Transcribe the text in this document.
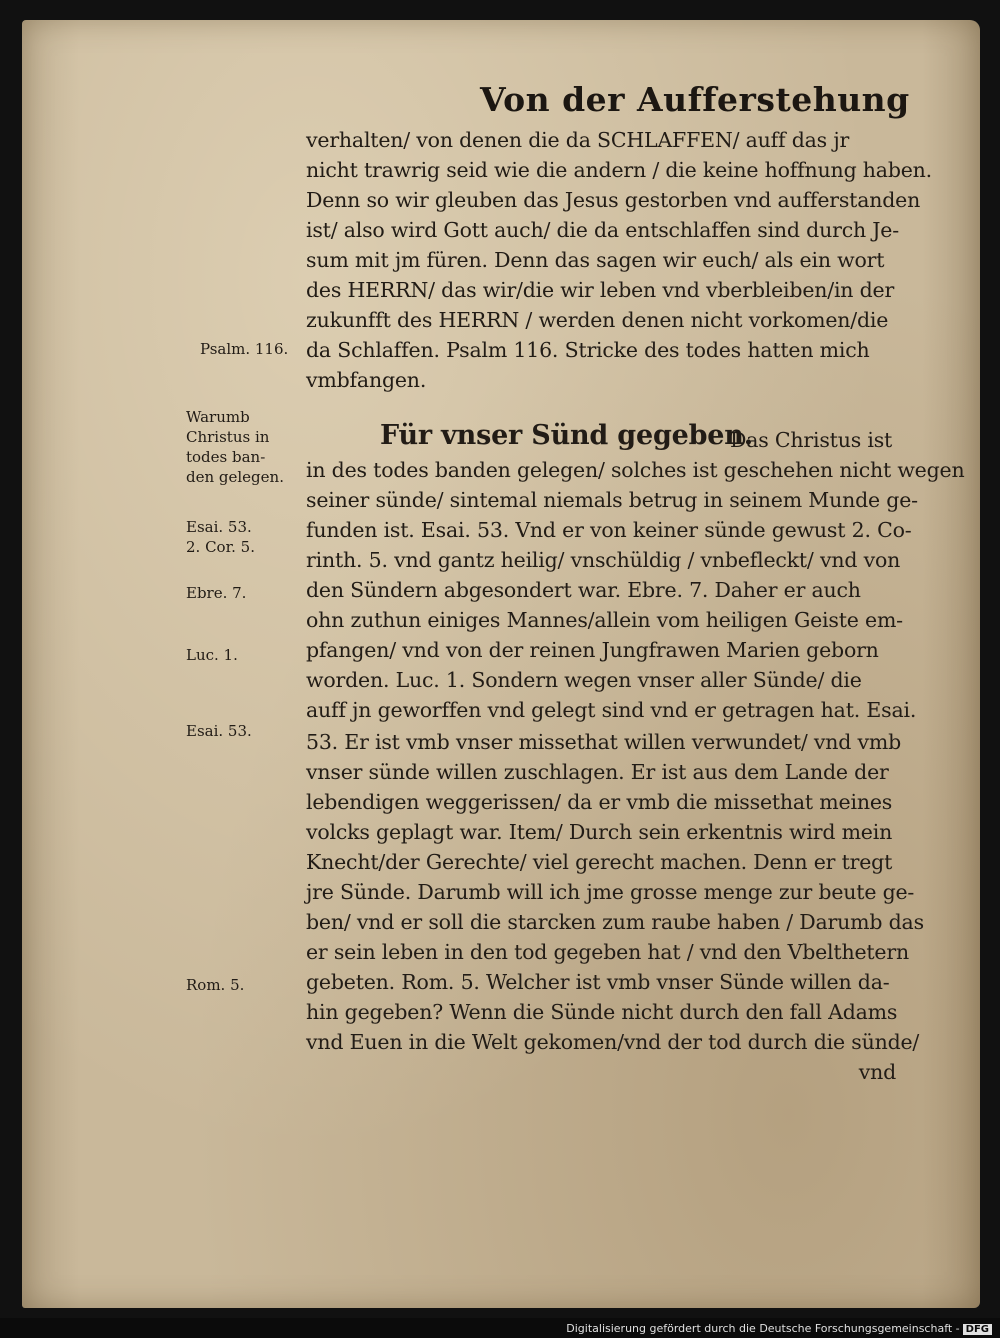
Von der Aufferstehung
verhalten/ von denen die da SCHLAFFEN/ auff das jr
nicht trawrig seid wie die andern / die keine hoffnung haben.
Denn so wir gleuben das Jesus gestorben vnd aufferstanden
ist/ also wird Gott auch/ die da entschlaffen sind durch Je-
sum mit jm füren. Denn das sagen wir euch/ als ein wort
des HERRN/ das wir/die wir leben vnd vberbleiben/in der
zukunfft des HERRN / werden denen nicht vorkomen/die
da Schlaffen. Psalm 116. Stricke des todes hatten mich
vmbfangen.
Für vnser Sünd gegeben.
Das Christus ist
in des todes banden gelegen/ solches ist geschehen nicht wegen
seiner sünde/ sintemal niemals betrug in seinem Munde ge-
funden ist. Esai. 53. Vnd er von keiner sünde gewust 2. Co-
rinth. 5. vnd gantz heilig/ vnschüldig / vnbefleckt/ vnd von
den Sündern abgesondert war. Ebre. 7. Daher er auch
ohn zuthun einiges Mannes/allein vom heiligen Geiste em-
pfangen/ vnd von der reinen Jungfrawen Marien geborn
worden. Luc. 1. Sondern wegen vnser aller Sünde/ die
auff jn geworffen vnd gelegt sind vnd er getragen hat. Esai.
53. Er ist vmb vnser missethat willen verwundet/ vnd vmb
vnser sünde willen zuschlagen. Er ist aus dem Lande der
lebendigen weggerissen/ da er vmb die missethat meines
volcks geplagt war. Item/ Durch sein erkentnis wird mein
Knecht/der Gerechte/ viel gerecht machen. Denn er tregt
jre Sünde. Darumb will ich jme grosse menge zur beute ge-
ben/ vnd er soll die starcken zum raube haben / Darumb das
er sein leben in den tod gegeben hat / vnd den Vbelthetern
gebeten. Rom. 5. Welcher ist vmb vnser Sünde willen da-
hin gegeben? Wenn die Sünde nicht durch den fall Adams
vnd Euen in die Welt gekomen/vnd der tod durch die sünde/
vnd
Psalm. 116.
Warumb
Christus in
todes ban-
den gelegen.
Esai. 53.
2. Cor. 5.
Ebre. 7.
Luc. 1.
Esai. 53.
Rom. 5.
Digitalisierung gefördert durch die Deutsche Forschungsgemeinschaft - DFG
